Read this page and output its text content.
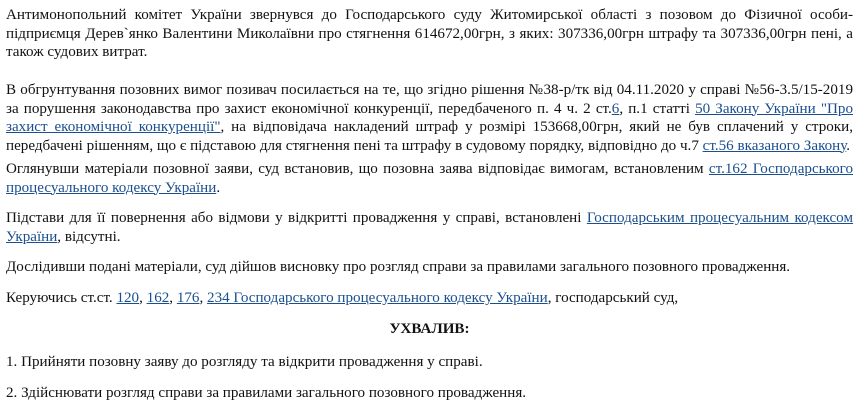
Антимонопольний комітет України звернувся до Господарського суду Житомирської області з позовом до Фізичної особи-підприємця Дерев`янко Валентини Миколаївни про стягнення 614672,00грн, з яких: 307336,00грн штрафу та 307336,00грн пені, а також судових витрат.

В обгрунтування позовних вимог позивач посилається на те, що згідно рішення №38-р/тк від 04.11.2020 у справі №56-3.5/15-2019 за порушення законодавства про захист економічної конкуренції, передбаченого п. 4 ч. 2 ст.6, п.1 статті 50 Закону України "Про захист економічної конкуренції", на відповідача накладений штраф у розмірі 153668,00грн, який не був сплачений у строки, передбачені рішенням, що є підставою для стягнення пені та штрафу в судовому порядку, відповідно до ч.7 ст.56 вказаного Закону.

Оглянувши матеріали позовної заяви, суд встановив, що позовна заява відповідає вимогам, встановленим ст.162 Господарського процесуального кодексу України.

Підстави для її повернення або відмови у відкритті провадження у справі, встановлені Господарським процесуальним кодексом України, відсутні.

Дослідивши подані матеріали, суд дійшов висновку про розгляд справи за правилами загального позовного провадження.

Керуючись ст.ст. 120, 162, 176, 234 Господарського процесуального кодексу України, господарський суд,

УХВАЛИВ:

1. Прийняти позовну заяву до розгляду та відкрити провадження у справі.

2. Здійснювати розгляд справи за правилами загального позовного провадження.
